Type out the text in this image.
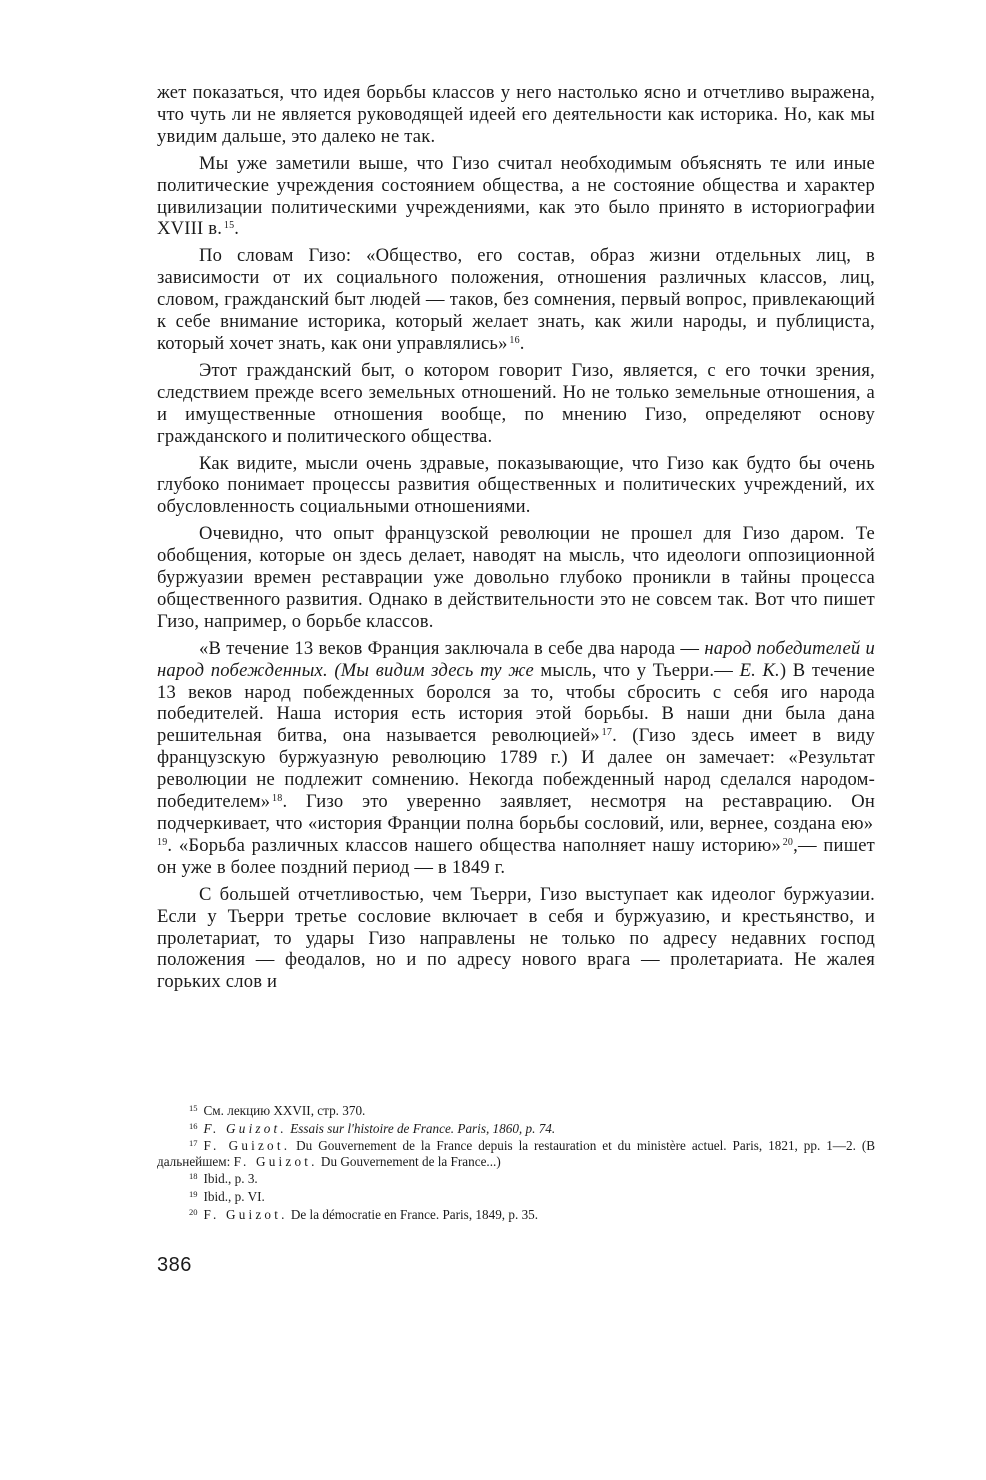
жет показаться, что идея борьбы классов у него настолько ясно и отчетливо выражена, что чуть ли не является руководящей идеей его деятельности как историка. Но, как мы увидим дальше, это далеко не так.

Мы уже заметили выше, что Гизо считал необходимым объяснять те или иные политические учреждения состоянием общества, а не состояние общества и характер цивилизации политическими учреждениями, как это было принято в историографии XVIII в.  $^{15}$.

По словам Гизо: «Общество, его состав, образ жизни отдельных лиц, в зависимости от их социального положения, отношения различных классов, лиц, словом, гражданский быт людей — таков, без сомнения, первый вопрос, привлекающий к себе внимание историка, который желает знать, как жили народы, и публициста, который хочет знать, как они управлялись»  $^{16}$.

Этот гражданский быт, о котором говорит Гизо, является, с его точки зрения, следствием прежде всего земельных отношений. Но не только земельные отношения, а и имущественные отношения вообще, по мнению Гизо, определяют основу гражданского и политического общества.

Как видите, мысли очень здравые, показывающие, что Гизо как будто бы очень глубоко понимает процессы развития общественных и политических учреждений, их обусловленность социальными отношениями.

Очевидно, что опыт французской революции не прошел для Гизо даром. Те обобщения, которые он здесь делает, наводят на мысль, что идеологи оппозиционной буржуазии времен реставрации уже довольно глубоко проникли в тайны процесса общественного развития. Однако в действительности это не совсем так. Вот что пишет Гизо, например, о борьбе классов.

«В течение 13 веков Франция заключала в себе два народа — народ победителей и народ побежденных. (Мы видим здесь ту же мысль, что у Тьерри.— Е. К.) В течение 13 веков народ побежденных боролся за то, чтобы сбросить с себя иго народа победителей. Наша история есть история этой борьбы. В наши дни была дана решительная битва, она называется революцией»  $^{17}$. (Гизо здесь имеет в виду французскую буржуазную революцию 1789 г.) И далее он замечает: «Результат революции не подлежит сомнению. Некогда побежденный народ сделался народом-победителем»  $^{18}$. Гизо это уверенно заявляет, несмотря на реставрацию. Он подчеркивает, что «история Франции полна борьбы сословий, или, вернее, создана ею» $^{19}$. «Борьба различных классов нашего общества наполняет нашу историю»  $^{20}$,— пишет он уже в более поздний период — в 1849 г.

С большей отчетливостью, чем Тьерри, Гизо выступает как идеолог буржуазии. Если у Тьерри третье сословие включает в себя и буржуазию, и крестьянство, и пролетариат, то удары Гизо направлены не только по адресу недавних господ положения — феодалов, но и по адресу нового врага — пролетариата. Не жалея горьких слов и

$^{15}$ См. лекцию XXVII, стр. 370.

$^{16}$ F. Guizot. Essais sur l'histoire de France. Paris, 1860, p. 74.

$^{17}$ F. Guizot. Du Gouvernement de la France depuis la restauration et du ministère actuel. Paris, 1821, pp. 1—2. (В дальнейшем: F. Guizot. Du Gouvernement de la France...)

$^{18}$ Ibid., p. 3.

$^{19}$ Ibid., p. VI.

$^{20}$ F. Guizot. De la démocratie en France. Paris, 1849, p. 35.

386
